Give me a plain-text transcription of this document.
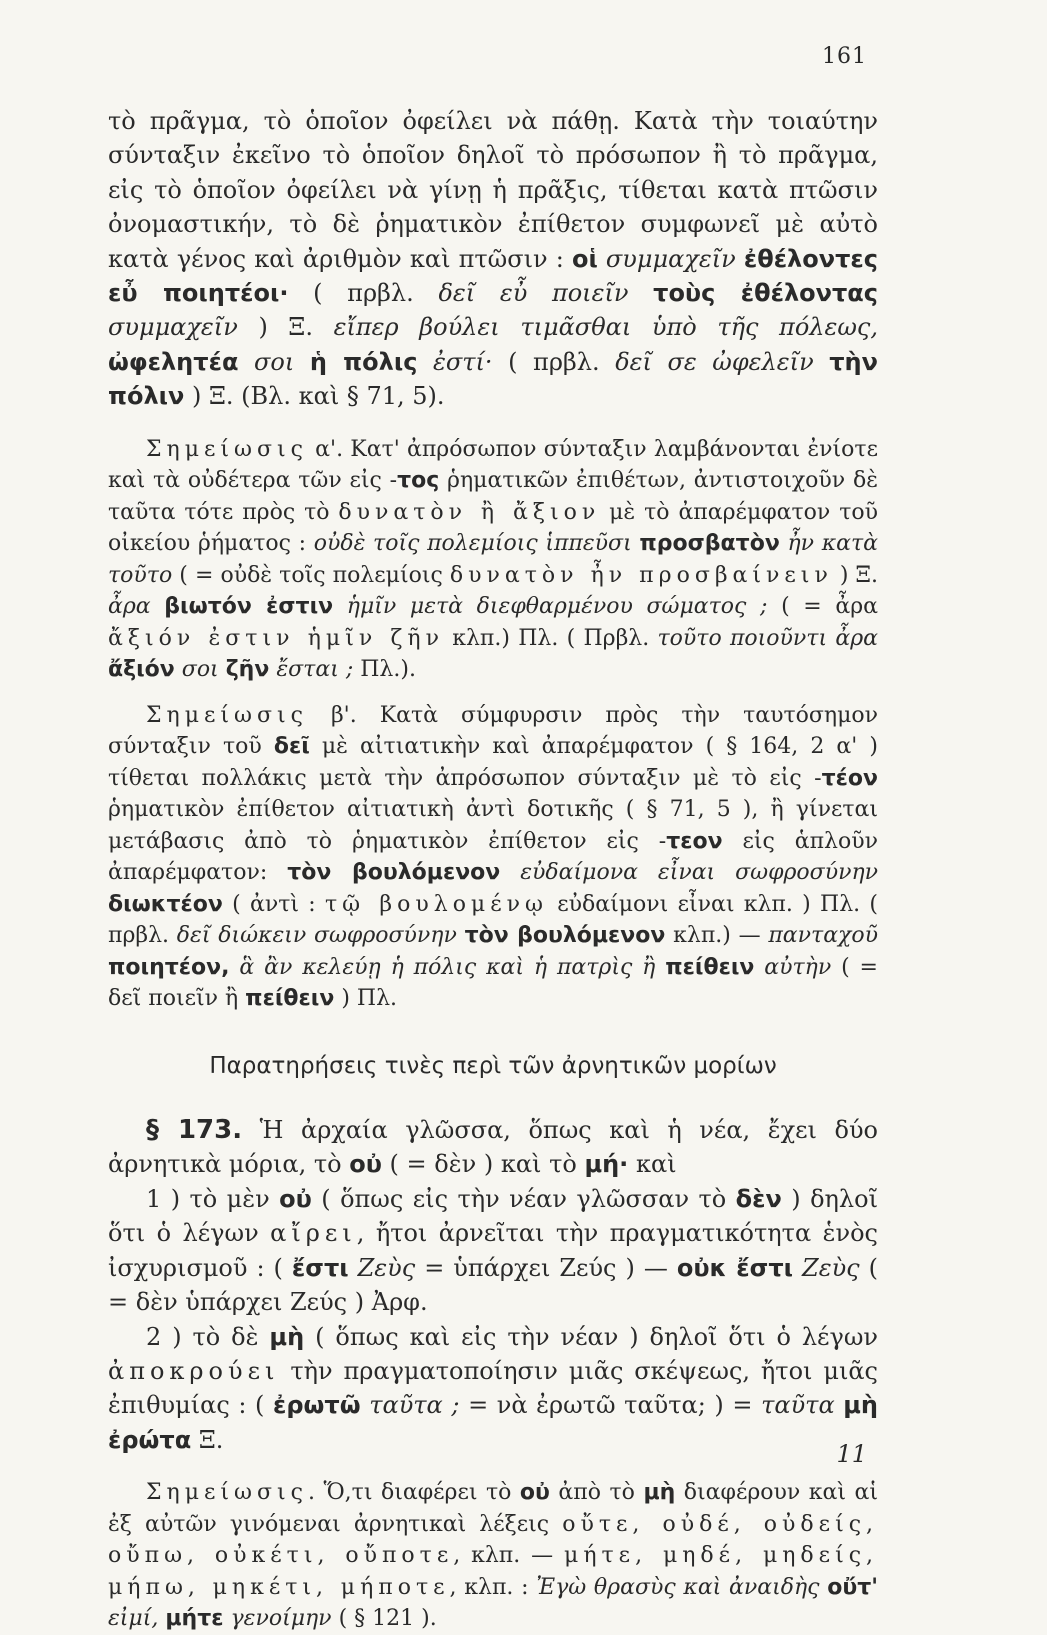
161

τὸ πρᾶγμα, τὸ ὁποῖον ὀφείλει νὰ πάθῃ. Κατὰ τὴν τοιαύτην σύνταξιν ἐκεῖνο τὸ ὁποῖον δηλοῖ τὸ πρόσωπον ἢ τὸ πρᾶγμα, εἰς τὸ ὁποῖον ὀφείλει νὰ γίνῃ ἡ πρᾶξις, τίθεται κατὰ πτῶσιν ὀνομαστικήν, τὸ δὲ ῥηματικὸν ἐπίθετον συμφωνεῖ μὲ αὐτὸ κατὰ γένος καὶ ἀριθμὸν καὶ πτῶσιν : οἱ συμμαχεῖν ἐθέλοντες εὖ ποιητέοι· ( πρβλ. δεῖ εὖ ποιεῖν τοὺς ἐθέλοντας συμμαχεῖν ) Ξ. εἴπερ βούλει τιμᾶσθαι ὑπὸ τῆς πόλεως, ὠφελητέα σοι ἡ πόλις ἐστί· ( πρβλ. δεῖ σε ὠφελεῖν τὴν πόλιν ) Ξ. (Βλ. καὶ § 71, 5).

Σημείωσις α'. Κατ' ἀπρόσωπον σύνταξιν λαμβάνονται ἐνίοτε καὶ τὰ οὐδέτερα τῶν εἰς -τος ῥηματικῶν ἐπιθέτων, ἀντιστοιχοῦν δὲ ταῦτα τότε πρὸς τὸ δυνατὸν ἢ ἄξιον μὲ τὸ ἀπαρέμφατον τοῦ οἰκείου ῥήματος : οὐδὲ τοῖς πολεμίοις ἱππεῦσι προσβατὸν ἦν κατὰ τοῦτο ( = οὐδὲ τοῖς πολεμίοις δυνατὸν ἦν προσβαίνειν ) Ξ. ἆρα βιωτόν ἐστιν ἡμῖν μετὰ διεφθαρμένου σώματος ; ( = ἆρα ἄξιόν ἐστιν ἡμῖν ζῆν κλπ.) Πλ. ( Πρβλ. τοῦτο ποιοῦντι ἆρα ἄξιόν σοι ζῆν ἔσται ; Πλ.).

Σημείωσις β'. Κατὰ σύμφυρσιν πρὸς τὴν ταυτόσημον σύνταξιν τοῦ δεῖ μὲ αἰτιατικὴν καὶ ἀπαρέμφατον ( § 164, 2 α' ) τίθεται πολλάκις μετὰ τὴν ἀπρόσωπον σύνταξιν μὲ τὸ εἰς -τέον ῥηματικὸν ἐπίθετον αἰτιατικὴ ἀντὶ δοτικῆς ( § 71, 5 ), ἢ γίνεται μετάβασις ἀπὸ τὸ ῥηματικὸν ἐπίθετον εἰς -τεον εἰς ἁπλοῦν ἀπαρέμφατον: τὸν βουλόμενον εὐδαίμονα εἶναι σωφροσύνην διωκτέον ( ἀντὶ : τῷ βουλομένῳ εὐδαίμονι εἶναι κλπ. ) Πλ. ( πρβλ. δεῖ διώκειν σωφροσύνην τὸν βουλόμενον κλπ.) — πανταχοῦ ποιητέον, ἃ ἂν κελεύῃ ἡ πόλις καὶ ἡ πατρὶς ἢ πείθειν αὐτὴν ( = δεῖ ποιεῖν ἢ πείθειν ) Πλ.

Παρατηρήσεις τινὲς περὶ τῶν ἀρνητικῶν μορίων

§ 173. Ἡ ἀρχαία γλῶσσα, ὅπως καὶ ἡ νέα, ἔχει δύο ἀρνητικὰ μόρια, τὸ οὐ ( = δὲν ) καὶ τὸ μή· καὶ

1 ) τὸ μὲν οὐ ( ὅπως εἰς τὴν νέαν γλῶσσαν τὸ δὲν ) δηλοῖ ὅτι ὁ λέγων αἴρει, ἤτοι ἀρνεῖται τὴν πραγματικότητα ἑνὸς ἰσχυρισμοῦ : ( ἔστι Ζεὺς = ὑπάρχει Ζεύς ) — οὐκ ἔστι Ζεὺς ( = δὲν ὑπάρχει Ζεύς ) Ἀρφ.

2 ) τὸ δὲ μὴ ( ὅπως καὶ εἰς τὴν νέαν ) δηλοῖ ὅτι ὁ λέγων ἀποκρούει τὴν πραγματοποίησιν μιᾶς σκέψεως, ἤτοι μιᾶς ἐπιθυμίας : ( ἐρωτῶ ταῦτα ; = νὰ ἐρωτῶ ταῦτα; ) = ταῦτα μὴ ἐρώτα Ξ.

Σημείωσις. Ὅ,τι διαφέρει τὸ οὐ ἀπὸ τὸ μὴ διαφέρουν καὶ αἱ ἐξ αὐτῶν γινόμεναι ἀρνητικαὶ λέξεις οὔτε, οὐδέ, οὐδείς, οὔπω, οὐκέτι, οὔποτε, κλπ. — μήτε, μηδέ, μηδείς, μήπω, μηκέτι, μήποτε, κλπ. : Ἐγὼ θρασὺς καὶ ἀναιδὴς οὔτ' εἰμί, μήτε γενοίμην ( § 121 ).

11
